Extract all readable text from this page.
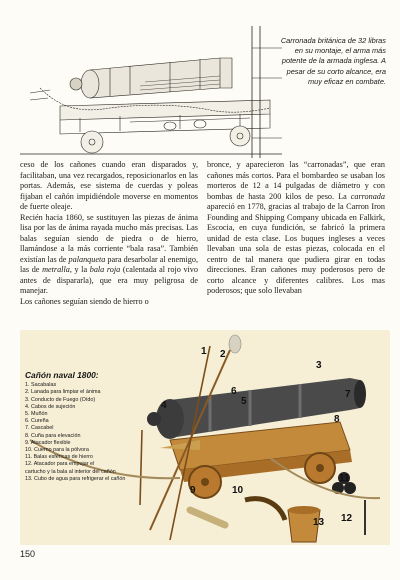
Carronada británica de 32 libras en su montaje, el arma más potente de la armada inglesa. A pesar de su corto alcance, era muy eficaz en combate.

ceso de los cañones cuando eran disparados y, facilitaban, una vez recargados, reposicionarlos en las portas. Además, ese sistema de cuerdas y poleas fijaban el cañón impidiéndole moverse en momentos de fuerte oleaje.

Recién hacia 1860, se sustituyen las piezas de ánima lisa por las de ánima rayada mucho más precisas. Las balas seguían siendo de piedra o de hierro, llamándose a la más corriente “bala rasa”. También existían las de palanqueta para desarbolar al enemigo, las de metralla, y la bala roja (calentada al rojo vivo antes de dispararla), que era muy peligrosa de manejar.

Los cañones seguían siendo de hierro o

bronce, y aparecieron las “carronadas”, que eran cañones más cortos. Para el bombardeo se usaban los morteros de 12 a 14 pulgadas de diámetro y con bombas de hasta 200 kilos de peso. La carronada apareció en 1778, gracias al trabajo de la Carron Iron Founding and Shipping Company ubicada en Falkirk, Escocia, en cuya fundición, se fabricó la primera unidad de esta clase. Los buques ingleses a veces llevaban una sola de estas piezas, colocada en el centro de tal manera que pudiera girar en todas direcciones. Eran cañones muy poderosos pero de corto alcance y diferentes calibres. Los mas poderosos; que solo llevaban

1 2
3
4	5
6	7
8
9	10
11
12
13
Cañón naval 1800:
1. Sacabalas
2. Lanada para limpiar el ánima
3. Conducto de Fuego (Oído)
4. Cabos de sujeción
5. Muñón
6. Cureña
7. Cascabel
8. Cuña para elevación
9. Atacador flexible
10. Cuerno para la pólvora
11. Balas esféricas de hierro
12. Atacador para empujar el
cartucho y la bala al interior del cañón
13. Cubo de agua para refrigerar el cañón
150
